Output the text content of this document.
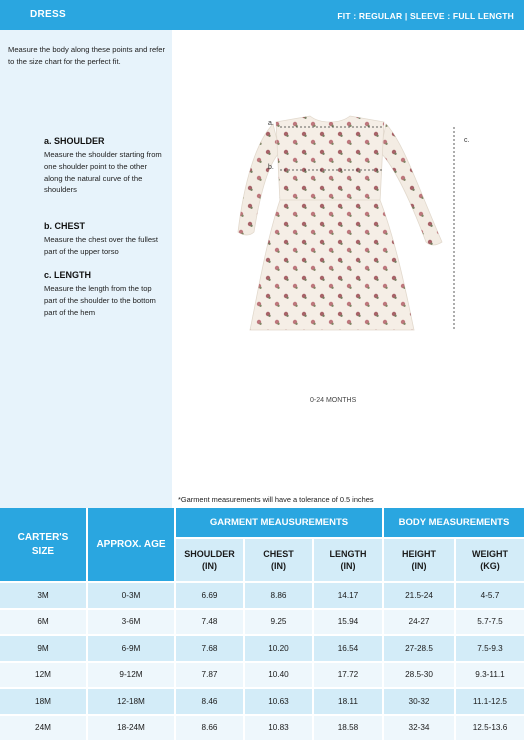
DRESS	FIT : REGULAR | SLEEVE : FULL LENGTH

Measure the body along these points and refer to the size chart for the perfect fit.

a. SHOULDER
Measure the shoulder starting from one shoulder point to the other along the natural curve of the shoulders
b. CHEST
Measure the chest over the fullest part of the upper torso
c. LENGTH
Measure the length from the top part of the shoulder to the bottom part of the hem
a.
b.
c.
0-24 MONTHS
*Garment measurements will have a tolerance of 0.5 inches
CARTER'S SIZE
APPROX. AGE
GARMENT MEAUSUREMENTS	BODY MEASUREMENTS
SHOULDER (IN)
CHEST (IN)
LENGTH (IN)
HEIGHT (IN)
WEIGHT (KG)
3M	0-3M	6.69	8.86	14.17	21.5-24	4-5.7
6M	3-6M	7.48	9.25	15.94	24-27	5.7-7.5
9M	6-9M	7.68	10.20	16.54	27-28.5	7.5-9.3
12M	9-12M	7.87	10.40	17.72	28.5-30	9.3-11.1
18M	12-18M	8.46	10.63	18.11	30-32	11.1-12.5
24M	18-24M	8.66	10.83	18.58	32-34	12.5-13.6
